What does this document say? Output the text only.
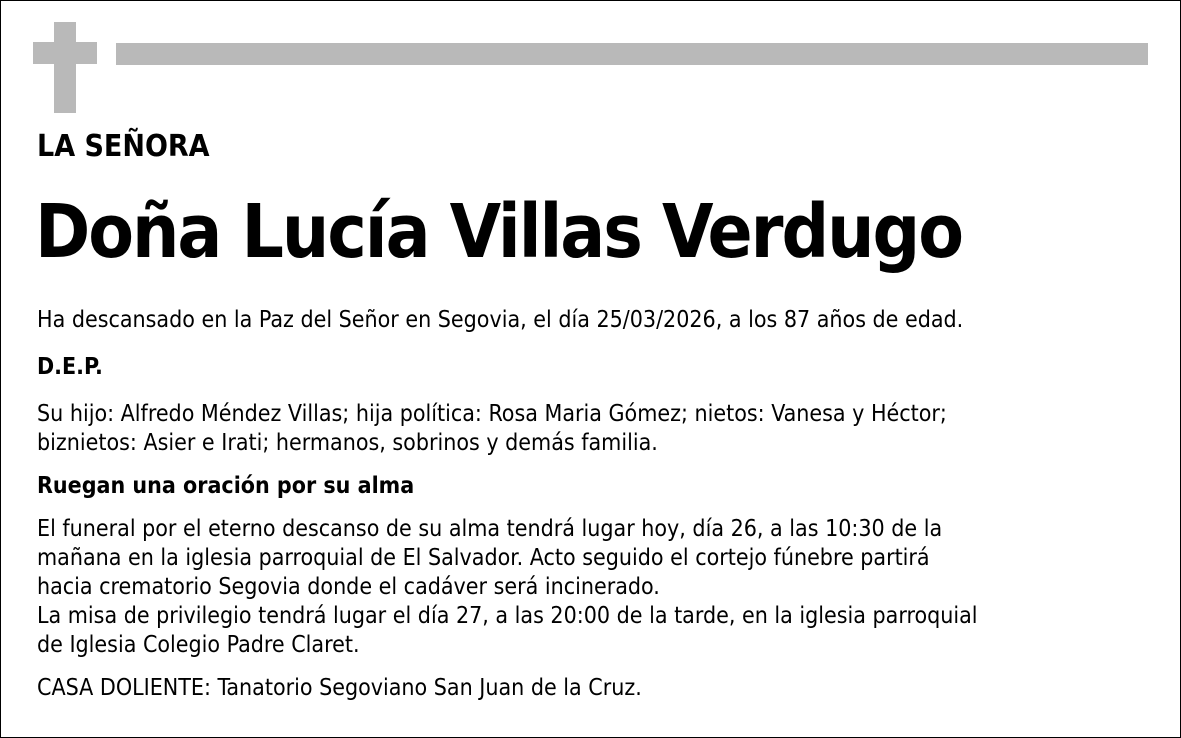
LA SEÑORA
Doña Lucía Villas Verdugo
Ha descansado en la Paz del Señor en Segovia, el día 25/03/2026, a los 87 años de edad.
D.E.P.
Su hijo: Alfredo Méndez Villas; hija política: Rosa Maria Gómez; nietos: Vanesa y Héctor;
biznietos: Asier e Irati; hermanos, sobrinos y demás familia.
Ruegan una oración por su alma
El funeral por el eterno descanso de su alma tendrá lugar hoy, día 26, a las 10:30 de la
mañana en la iglesia parroquial de El Salvador. Acto seguido el cortejo fúnebre partirá
hacia crematorio Segovia donde el cadáver será incinerado.
La misa de privilegio tendrá lugar el día 27, a las 20:00 de la tarde, en la iglesia parroquial
de Iglesia Colegio Padre Claret.
CASA DOLIENTE: Tanatorio Segoviano San Juan de la Cruz.
